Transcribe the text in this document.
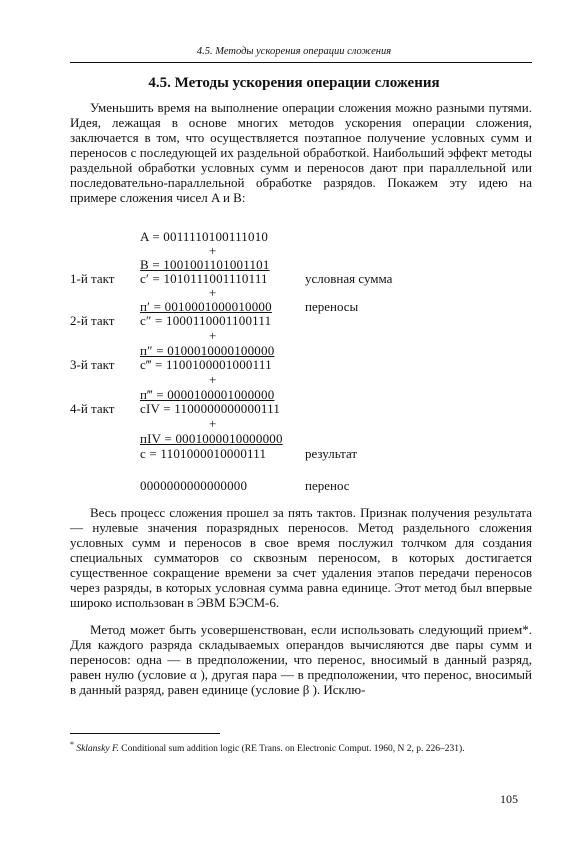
4.5. Методы ускорения операции сложения
4.5. Методы ускорения операции сложения

Уменьшить время на выполнение операции сложения можно разными путями. Идея, лежащая в основе многих методов ускорения операции сложения, заключается в том, что осуществляется поэтапное получение условных сумм и переносов с последующей их раздельной обработкой. Наибольший эффект методы раздельной обработки условных сумм и переносов дают при параллельной или последовательно-параллельной обработке разрядов. Покажем эту идею на примере сложения чисел A и B:

A = 0011110100111010
+
B = 1001001101001101
c′ = 1010111001110111
+
п′ = 0010001000010000
c″ = 1000110001100111
+
п″ = 0100010000100000
c‴ = 1100100001000111
+
п‴ = 0000100001000000
cIV = 1100000000000111
+
пIV = 0001000010000000
c = 1101000010000111
0000000000000000
1-й такт
2-й такт
3-й такт
4-й такт
условная сумма
переносы
результат
перенос

Весь процесс сложения прошел за пять тактов. Признак получения результата — нулевые значения поразрядных переносов. Метод раздельного сложения условных сумм и переносов в свое время послужил толчком для создания специальных сумматоров со сквозным переносом, в которых достигается существенное сокращение времени за счет удаления этапов передачи переносов через разряды, в которых условная сумма равна единице. Этот метод был впервые широко использован в ЭВМ БЭСМ-6.

Метод может быть усовершенствован, если использовать следующий прием*. Для каждого разряда складываемых операндов вычисляются две пары сумм и переносов: одна — в предположении, что перенос, вносимый в данный разряд, равен нулю (условие α ), другая пара — в предположении, что перенос, вносимый в данный разряд, равен единице (условие β ). Исклю-

* Sklansky F. Conditional sum addition logic (RE Trans. on Electronic Comput. 1960, N 2, p. 226–231).
105
